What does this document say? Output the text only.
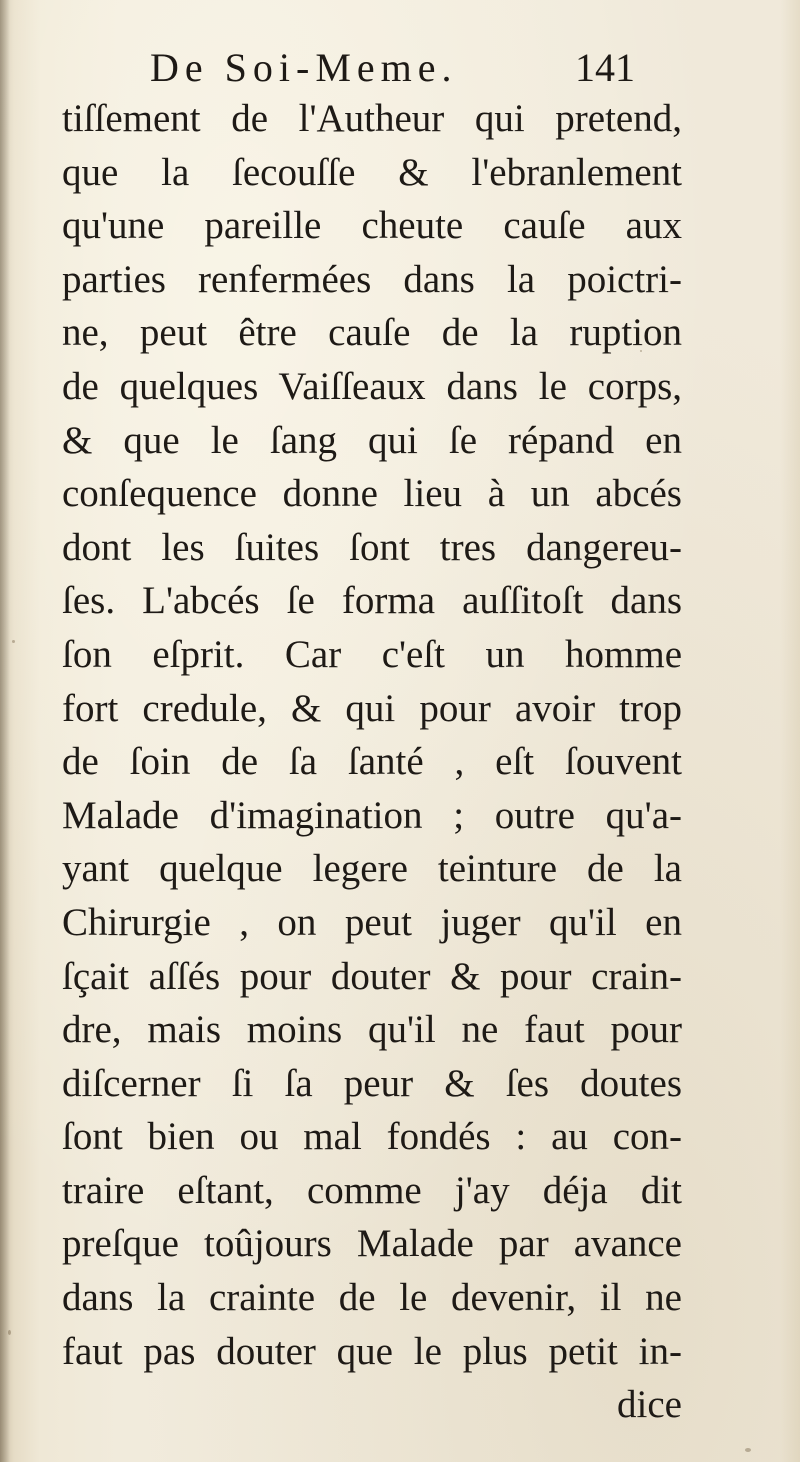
De Soi-Meme.	141
tiſſement de l'Autheur qui pretend,
que la ſecouſſe & l'ebranlement
qu'une pareille cheute cauſe aux
parties renfermées dans la poictri-
ne, peut être cauſe de la ruption
de quelques Vaiſſeaux dans le corps,
& que le ſang qui ſe répand en
conſequence donne lieu à un abcés
dont les ſuites ſont tres dangereu-
ſes. L'abcés ſe forma auſſitoſt dans
ſon eſprit. Car c'eſt un homme
fort credule, & qui pour avoir trop
de ſoin de ſa ſanté , eſt ſouvent
Malade d'imagination ; outre qu'a-
yant quelque legere teinture de la
Chirurgie , on peut juger qu'il en
ſçait aſſés pour douter & pour crain-
dre, mais moins qu'il ne faut pour
diſcerner ſi ſa peur & ſes doutes
ſont bien ou mal fondés : au con-
traire eſtant, comme j'ay déja dit
preſque toûjours Malade par avance
dans la crainte de le devenir, il ne
faut pas douter que le plus petit in-
dice
